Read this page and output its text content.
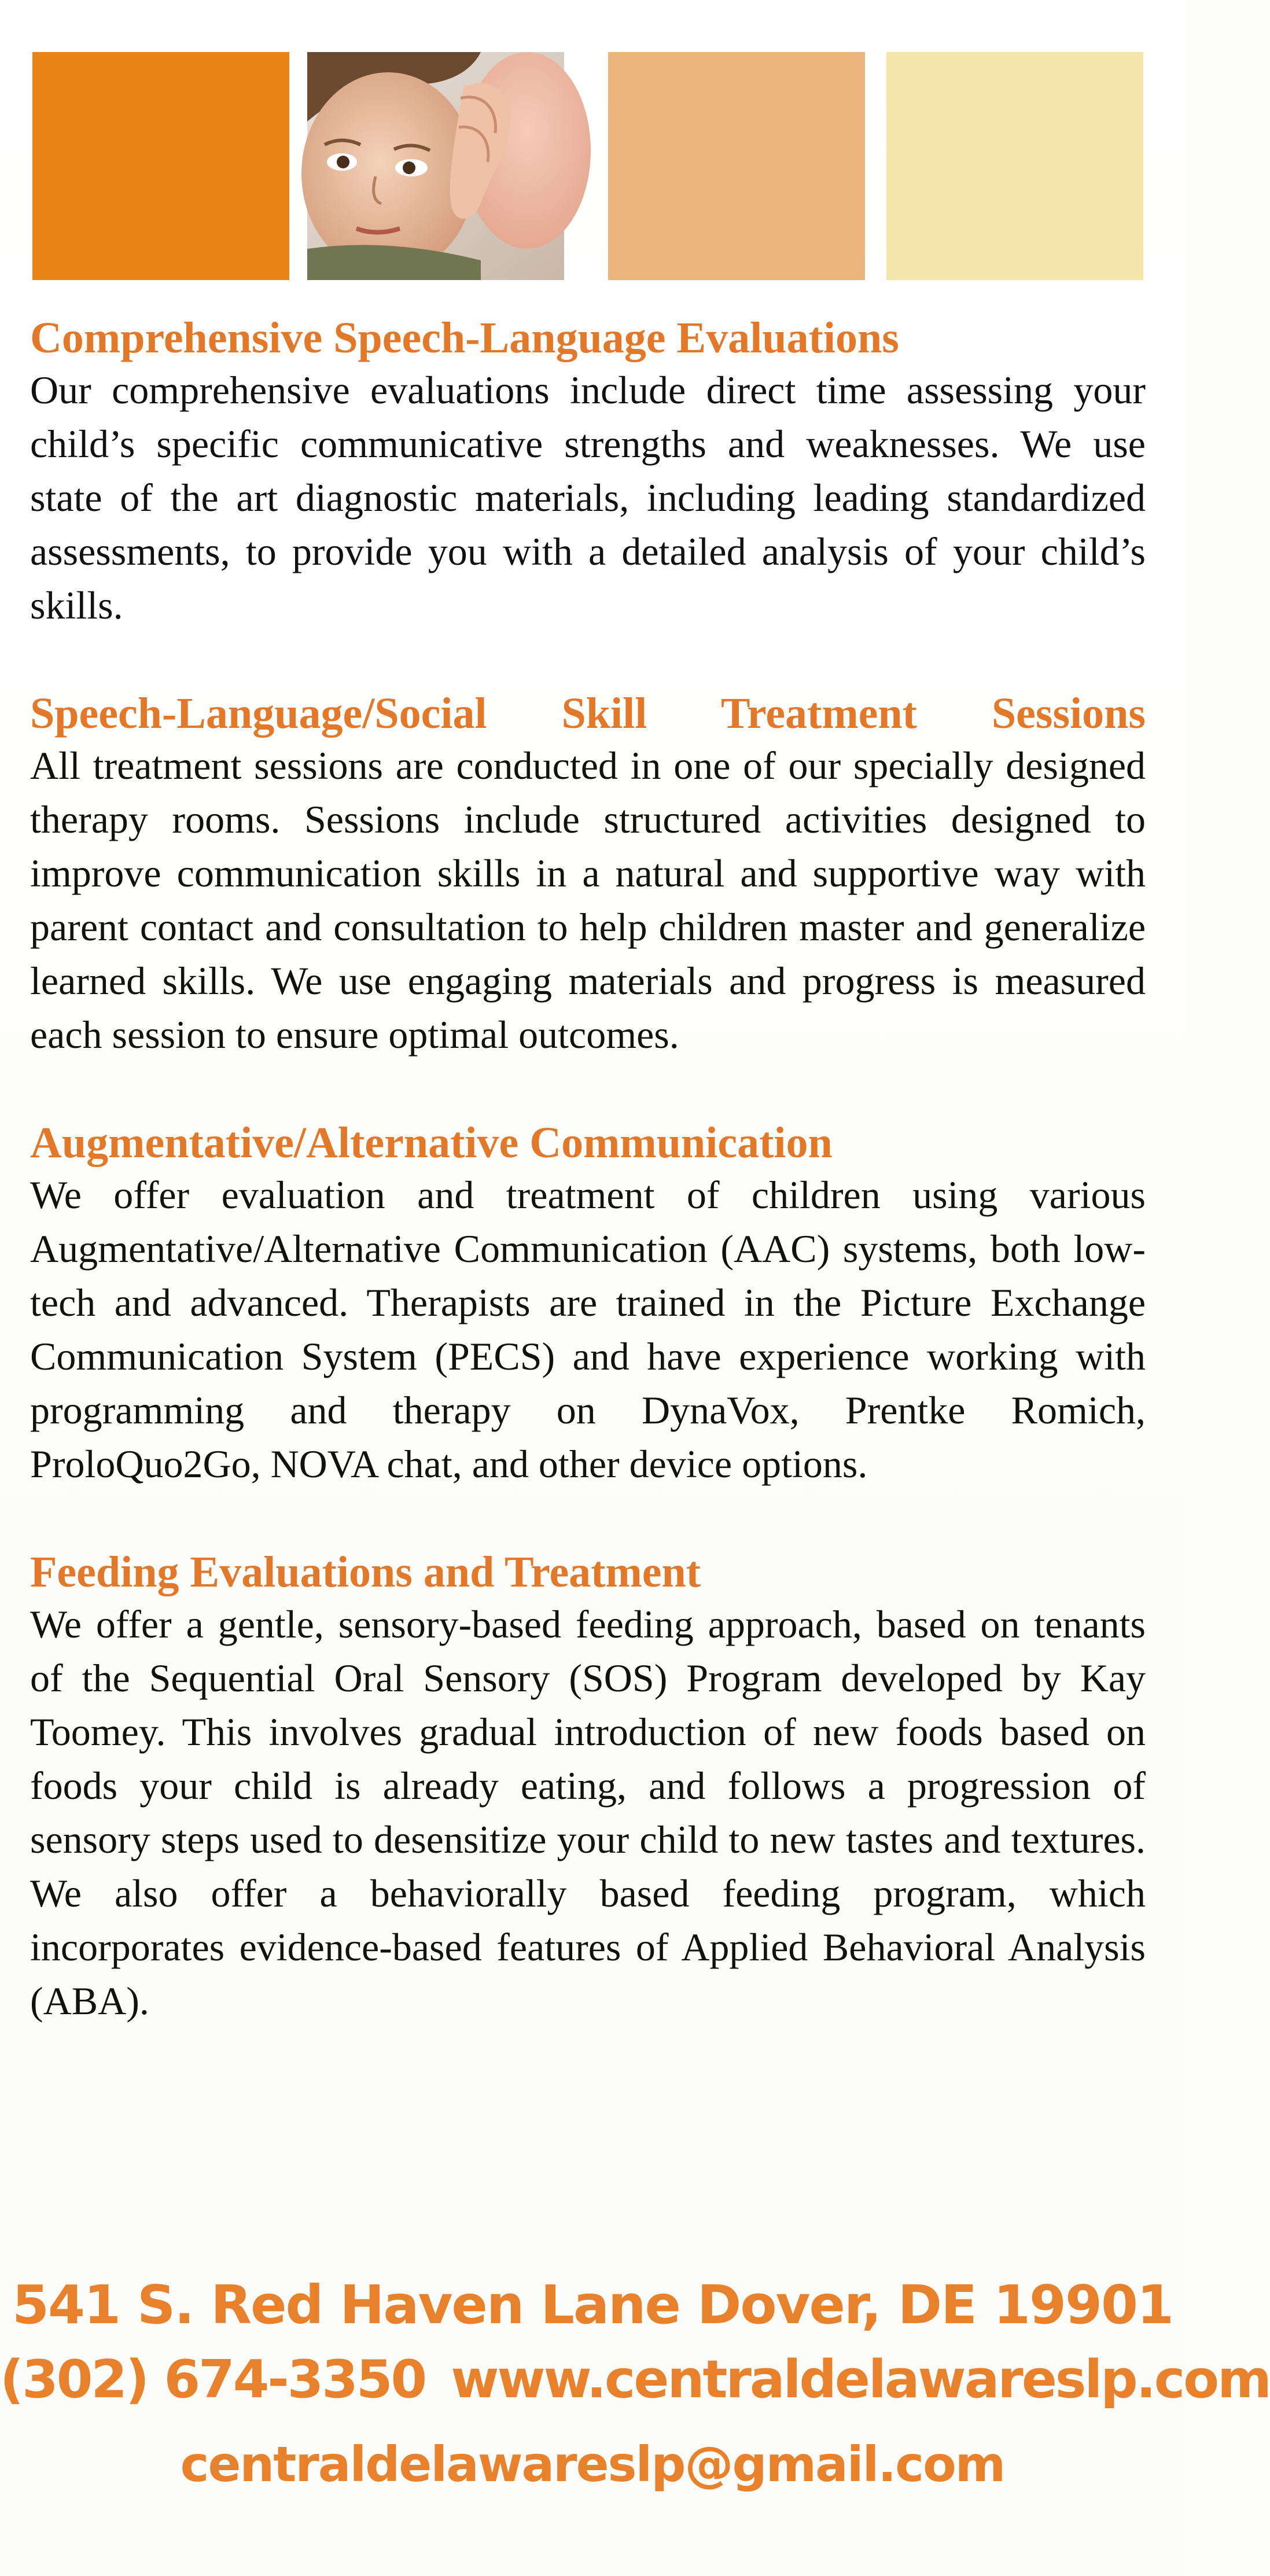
Comprehensive Speech-Language Evaluations

Our comprehensive evaluations include direct time assessing your child’s specific communicative strengths and weaknesses. We use state of the art diagnostic materials, including leading standardized assessments, to provide you with a detailed analysis of your child’s skills.

Speech-Language/Social Skill Treatment Sessions

All treatment sessions are conducted in one of our specially designed therapy rooms. Sessions include structured activities designed to improve communication skills in a natural and supportive way with parent contact and consultation to help children master and generalize learned skills. We use engaging materials and progress is measured each session to ensure optimal outcomes.

Augmentative/Alternative Communication

We offer evaluation and treatment of children using various Augmentative/Alternative Communication (AAC) systems, both low-tech and advanced. Therapists are trained in the Picture Exchange Communication System (PECS) and have experience working with programming and therapy on DynaVox, Prentke Romich, ProloQuo2Go, NOVA chat, and other device options.

Feeding Evaluations and Treatment

We offer a gentle, sensory-based feeding approach, based on tenants of the Sequential Oral Sensory (SOS) Program developed by Kay Toomey. This involves gradual introduction of new foods based on foods your child is already eating, and follows a progression of sensory steps used to desensitize your child to new tastes and textures. We also offer a behaviorally based feeding program, which incorporates evidence-based features of Applied Behavioral Analysis (ABA).

541 S. Red Haven Lane Dover, DE 19901
(302) 674-3350 www.centraldelawareslp.com
centraldelawareslp@gmail.com
